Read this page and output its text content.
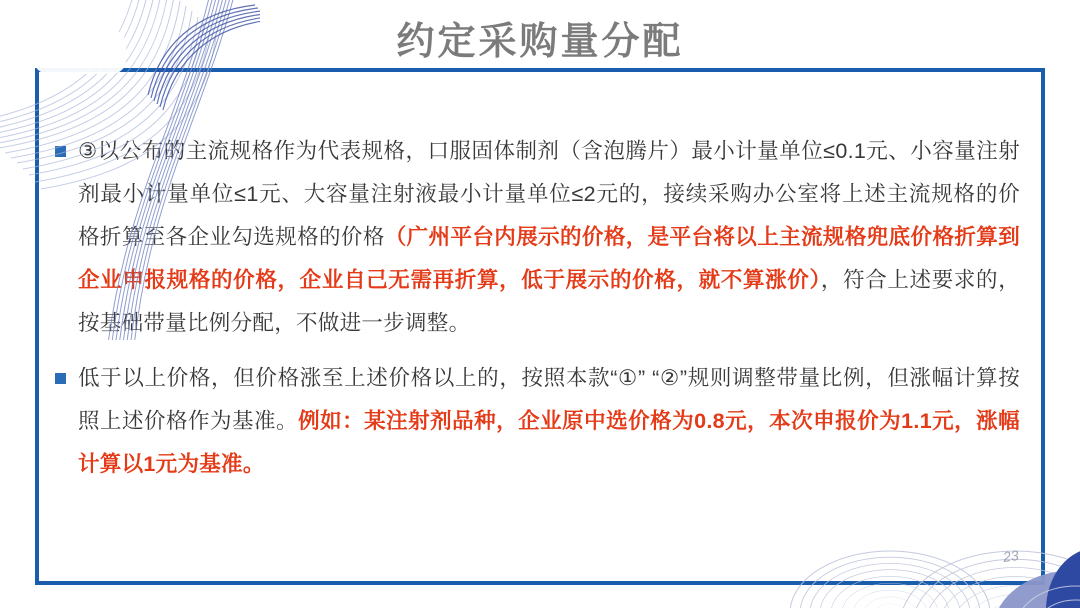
23
约定采购量分配
③以公布的主流规格作为代表规格，口服固体制剂（含泡腾片）最小计量单位≤0.1元、小容量注射剂最小计量单位≤1元、大容量注射液最小计量单位≤2元的，接续采购办公室将上述主流规格的价格折算至各企业勾选规格的价格（广州平台内展示的价格，是平台将以上主流规格兜底价格折算到企业申报规格的价格，企业自己无需再折算，低于展示的价格，就不算涨价），符合上述要求的，按基础带量比例分配，不做进一步调整。
低于以上价格，但价格涨至上述价格以上的，按照本款“①” “②”规则调整带量比例，但涨幅计算按照上述价格作为基准。例如：某注射剂品种，企业原中选价格为0.8元，本次申报价为1.1元，涨幅计算以1元为基准。
